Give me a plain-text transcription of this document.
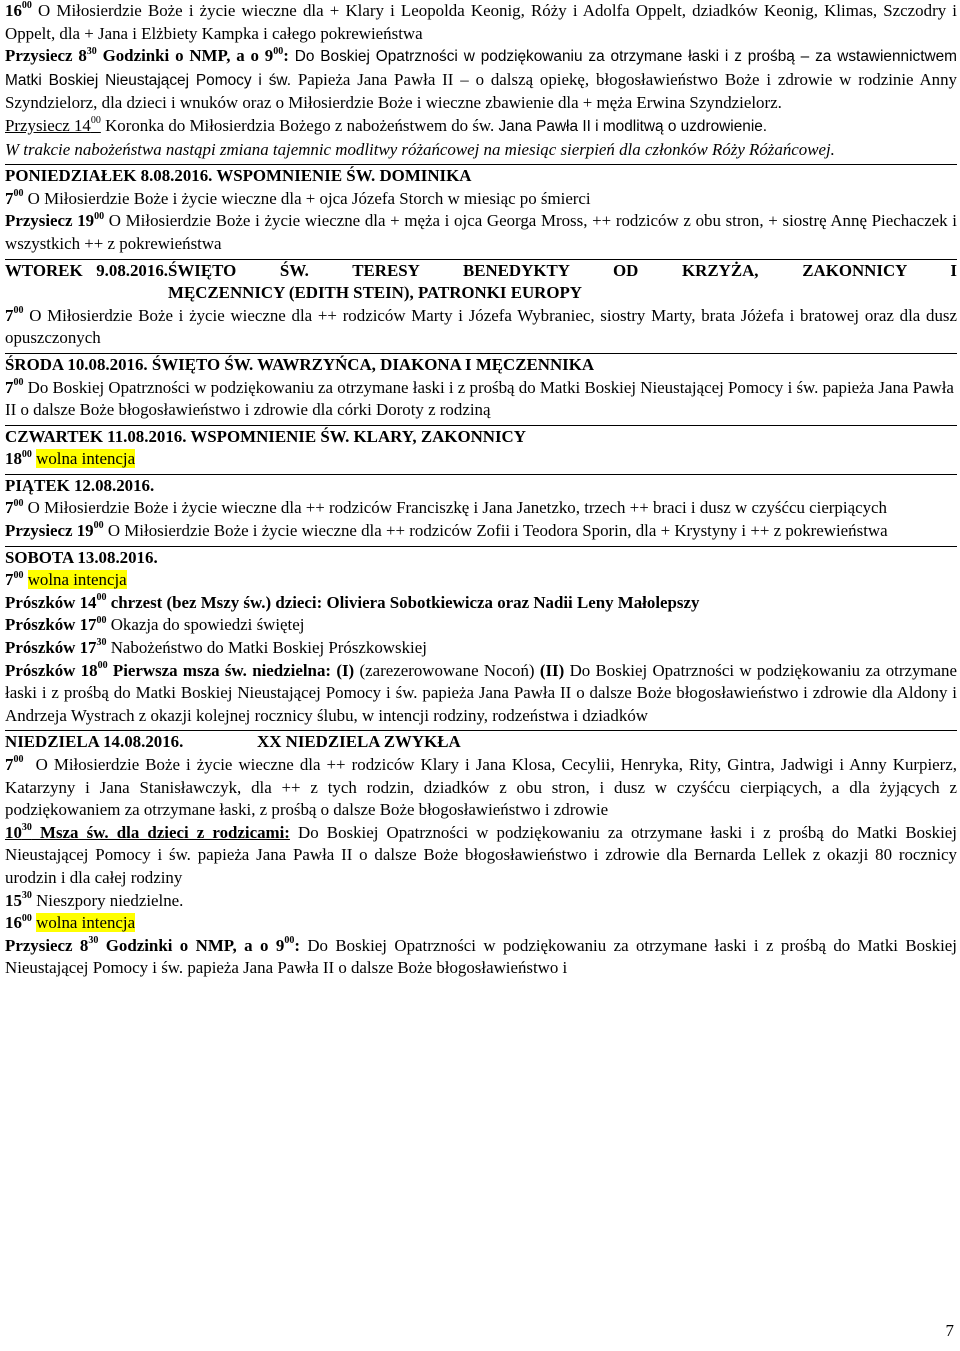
$16^{00}$ O Miłosierdzie Boże i życie wieczne dla + Klary i Leopolda Keonig, Róży i Adolfa Oppelt, dziadków Keonig, Klimas, Szczodry i Oppelt, dla + Jana i Elżbiety Kampka i całego pokrewieństwa
Przysiecz $8^{30}$ Godzinki o NMP, a o $9^{00}$: Do Boskiej Opatrzności w podziękowaniu za otrzymane łaski i z prośbą – za wstawiennictwem Matki Boskiej Nieustającej Pomocy i św. Papieża Jana Pawła II – o dalszą opiekę, błogosławieństwo Boże i zdrowie w rodzinie Anny Szyndzielorz, dla dzieci i wnuków oraz o Miłosierdzie Boże i wieczne zbawienie dla + męża Erwina Szyndzielorz.
Przysiecz $14^{00}$ Koronka do Miłosierdzia Bożego z nabożeństwem do św. Jana Pawła II i modlitwą o uzdrowienie.
W trakcie nabożeństwa nastąpi zmiana tajemnic modlitwy różańcowej na miesiąc sierpień dla członków Róży Różańcowej.
PONIEDZIAŁEK 8.08.2016. WSPOMNIENIE ŚW. DOMINIKA
$7^{00}$ O Miłosierdzie Boże i życie wieczne dla + ojca Józefa Storch w miesiąc po śmierci
Przysiecz $19^{00}$ O Miłosierdzie Boże i życie wieczne dla + męża i ojca Georga Mross, ++ rodziców z obu stron, + siostrę Annę Piechaczek i wszystkich ++ z pokrewieństwa
WTOREK 9.08.2016.ŚWIĘTO ŚW. TERESY BENEDYKTY OD KRZYŻA, ZAKONNICY I
MĘCZENNICY (EDITH STEIN), PATRONKI EUROPY
$7^{00}$ O Miłosierdzie Boże i życie wieczne dla ++ rodziców Marty i Józefa Wybraniec, siostry Marty, brata Jóżefa i bratowej oraz dla dusz opuszczonych
ŚRODA 10.08.2016. ŚWIĘTO ŚW. WAWRZYŃCA, DIAKONA I MĘCZENNIKA
$7^{00}$ Do Boskiej Opatrzności w podziękowaniu za otrzymane łaski i z prośbą do Matki Boskiej Nieustającej Pomocy i św. papieża Jana Pawła II o dalsze Boże błogosławieństwo i zdrowie dla córki Doroty z rodziną
CZWARTEK 11.08.2016. WSPOMNIENIE ŚW. KLARY, ZAKONNICY
$18^{00}$ wolna intencja
PIĄTEK 12.08.2016.
$7^{00}$ O Miłosierdzie Boże i życie wieczne dla ++ rodziców Franciszkę i Jana Janetzko, trzech ++ braci i dusz w czyśćcu cierpiących
Przysiecz $19^{00}$ O Miłosierdzie Boże i życie wieczne dla ++ rodziców Zofii i Teodora Sporin, dla + Krystyny i ++ z pokrewieństwa
SOBOTA 13.08.2016.
$7^{00}$ wolna intencja
Prószków $14^{00}$ chrzest (bez Mszy św.) dzieci: Oliviera Sobotkiewicza oraz Nadii Leny Małolepszy
Prószków $17^{00}$ Okazja do spowiedzi świętej
Prószków $17^{30}$ Nabożeństwo do Matki Boskiej Prószkowskiej
Prószków $18^{00}$ Pierwsza msza św. niedzielna: (I) (zarezerowowane Nocoń) (II) Do Boskiej Opatrzności w podziękowaniu za otrzymane łaski i z prośbą do Matki Boskiej Nieustającej Pomocy i św. papieża Jana Pawła II o dalsze Boże błogosławieństwo i zdrowie dla Aldony i Andrzeja Wystrach z okazji kolejnej rocznicy ślubu, w intencji rodziny, rodzeństwa i dziadków
NIEDZIELA 14.08.2016.	XX NIEDZIELA ZWYKŁA
$7^{00}$  O Miłosierdzie Boże i życie wieczne dla ++ rodziców Klary i Jana Klosa, Cecylii, Henryka, Rity, Gintra, Jadwigi i Anny Kurpierz, Katarzyny i Jana Stanisławczyk, dla ++ z tych rodzin, dziadków z obu stron, i dusz w czyśćcu cierpiących, a dla żyjących z podziękowaniem za otrzymane łaski, z prośbą o dalsze Boże błogosławieństwo i zdrowie
$10^{30}$ Msza św. dla dzieci z rodzicami: Do Boskiej Opatrzności w podziękowaniu za otrzymane łaski i z prośbą do Matki Boskiej Nieustającej Pomocy i św. papieża Jana Pawła II o dalsze Boże błogosławieństwo i zdrowie dla Bernarda Lellek z okazji 80 rocznicy urodzin i dla całej rodziny
$15^{30}$ Nieszpory niedzielne.
$16^{00}$ wolna intencja
Przysiecz $8^{30}$ Godzinki o NMP, a o $9^{00}$: Do Boskiej Opatrzności w podziękowaniu za otrzymane łaski i z prośbą do Matki Boskiej Nieustającej Pomocy i św. papieża Jana Pawła II o dalsze Boże błogosławieństwo i
7
